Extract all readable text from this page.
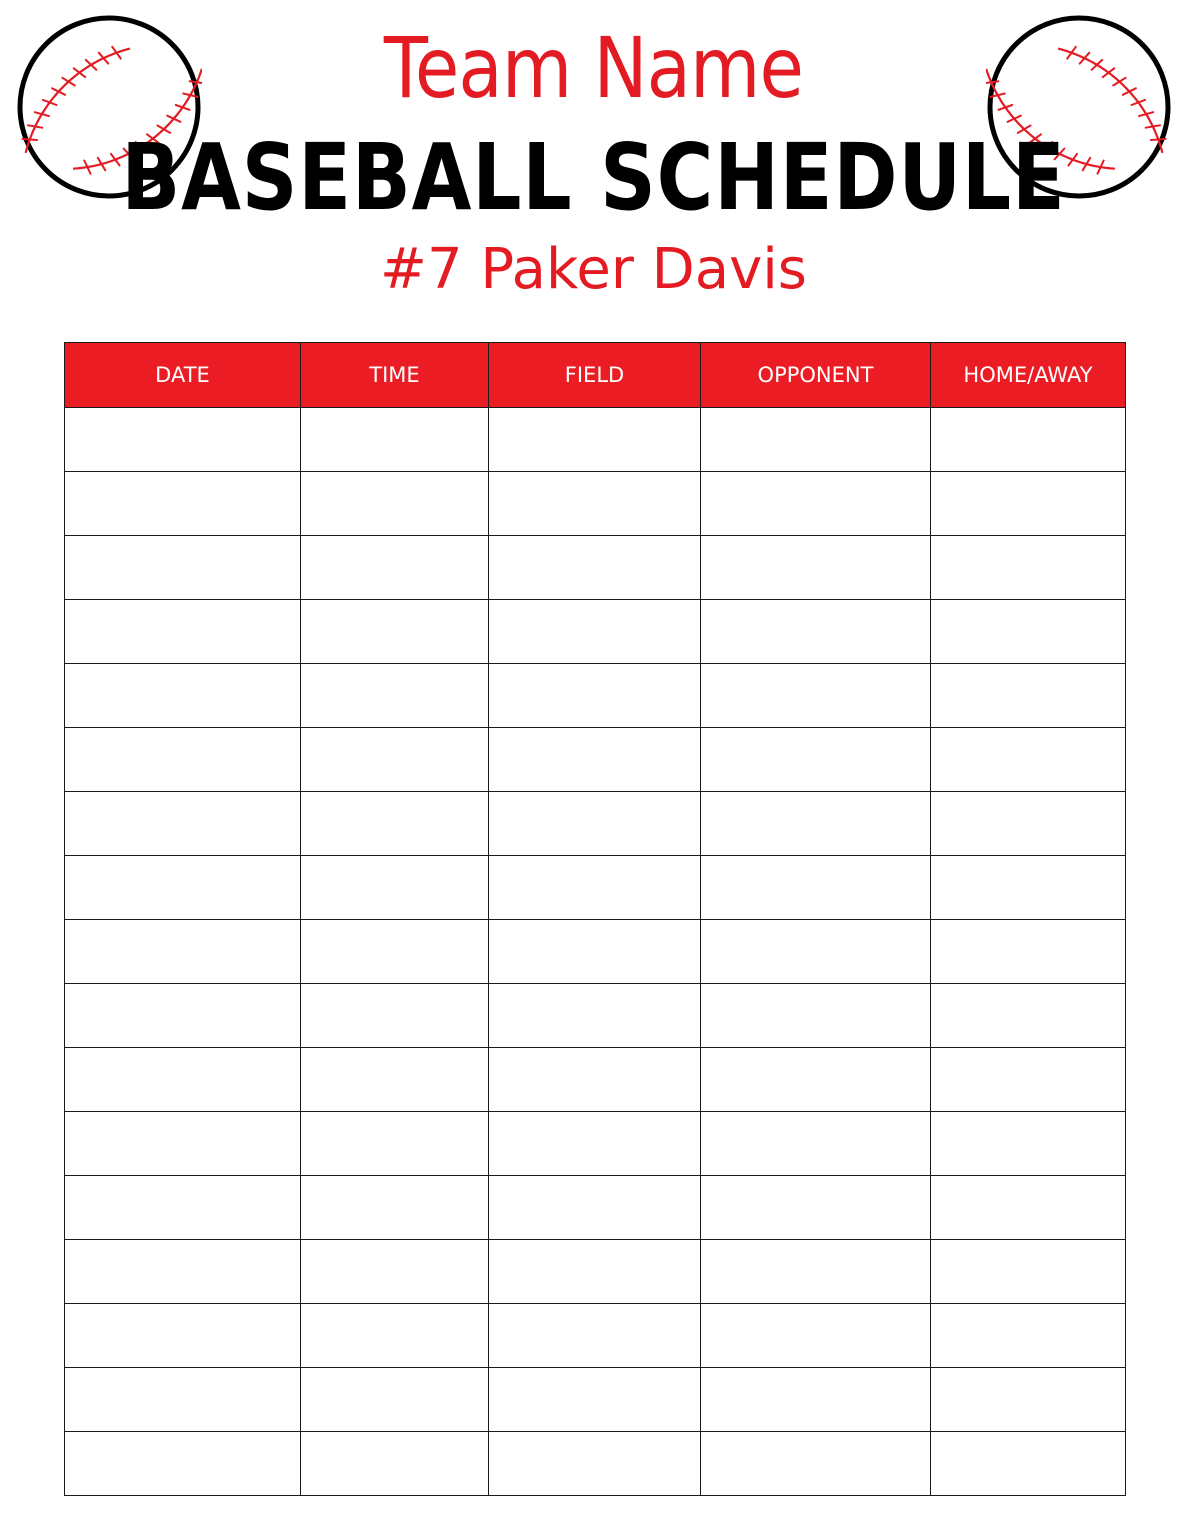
Team Name
BASEBALL SCHEDULE
#7 Paker Davis
DATE	TIME	FIELD	OPPONENT	HOME/AWAY
